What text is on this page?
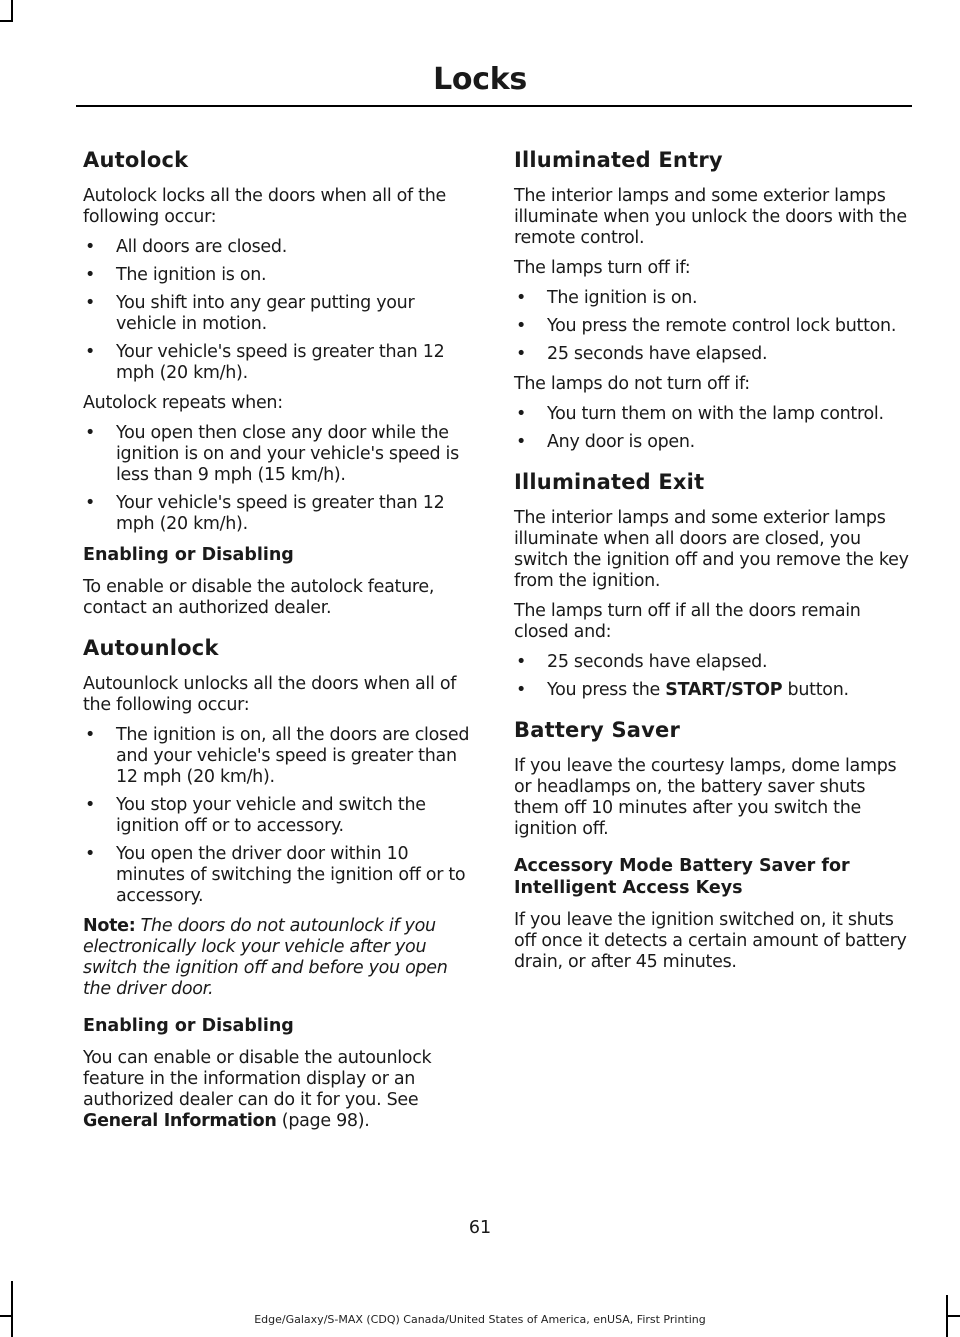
Locks
Autolock

Autolock locks all the doors when all of the following occur:

• All doors are closed.
• The ignition is on.
• You shift into any gear putting your vehicle in motion.
• Your vehicle's speed is greater than 12 mph (20 km/h).

Autolock repeats when:

• You open then close any door while the ignition is on and your vehicle's speed is less than 9 mph (15 km/h).
• Your vehicle's speed is greater than 12 mph (20 km/h).
Enabling or Disabling

To enable or disable the autolock feature, contact an authorized dealer.

Autounlock

Autounlock unlocks all the doors when all of the following occur:

• The ignition is on, all the doors are closed and your vehicle's speed is greater than 12 mph (20 km/h).
• You stop your vehicle and switch the ignition off or to accessory.
• You open the driver door within 10 minutes of switching the ignition off or to accessory.

Note: The doors do not autounlock if you electronically lock your vehicle after you switch the ignition off and before you open the driver door.

Enabling or Disabling

You can enable or disable the autounlock feature in the information display or an authorized dealer can do it for you. See General Information (page 98).

Illuminated Entry

The interior lamps and some exterior lamps illuminate when you unlock the doors with the remote control.

The lamps turn off if:

• The ignition is on.
• You press the remote control lock button.
• 25 seconds have elapsed.

The lamps do not turn off if:

• You turn them on with the lamp control.
• Any door is open.
Illuminated Exit

The interior lamps and some exterior lamps illuminate when all doors are closed, you switch the ignition off and you remove the key from the ignition.

The lamps turn off if all the doors remain closed and:

• 25 seconds have elapsed.
• You press the START/STOP button.
Battery Saver

If you leave the courtesy lamps, dome lamps or headlamps on, the battery saver shuts them off 10 minutes after you switch the ignition off.

Accessory Mode Battery Saver for Intelligent Access Keys

If you leave the ignition switched on, it shuts off once it detects a certain amount of battery drain, or after 45 minutes.

61
Edge/Galaxy/S-MAX (CDQ) Canada/United States of America, enUSA, First Printing
